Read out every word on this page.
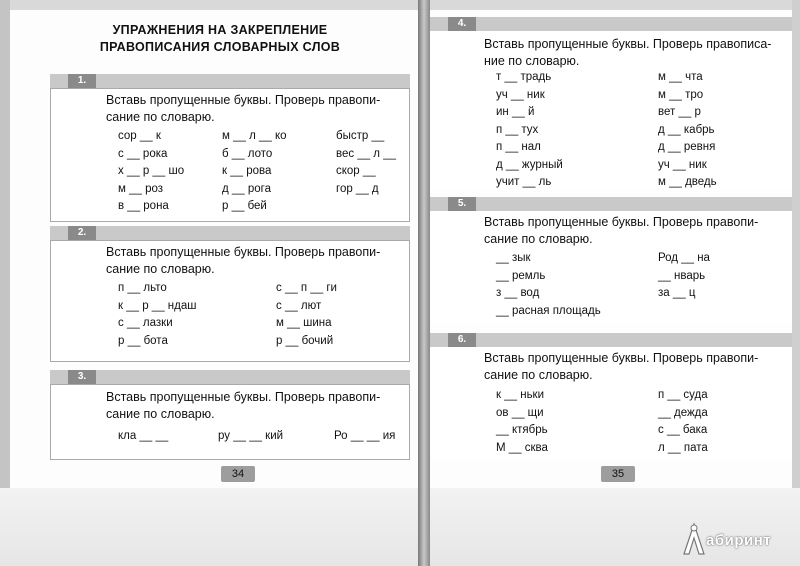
УПРАЖНЕНИЯ НА ЗАКРЕПЛЕНИЕ
ПРАВОПИСАНИЯ СЛОВАРНЫХ СЛОВ
1.
Вставь пропущенные буквы. Проверь правопи-
сание по словарю.
сор __ к
с __ рока
х __ р __ шо
м __ роз
в __ рона
м __ л __ ко
б __ лото
к __ рова
д __ рога
р __ бей
быстр __
вес __ л __
скор __
гор __ д
2.
Вставь пропущенные буквы. Проверь правопи-
сание по словарю.
п __ льто
к __ р __ ндаш
с __ лазки
р __ бота
с __ п __ ги
с __ лют
м __ шина
р __ бочий
3.
Вставь пропущенные буквы. Проверь правопи-
сание по словарю.
кла __ __	ру __ __ кий	Ро __ __ ия
34
4.
Вставь пропущенные буквы. Проверь правописа-
ние по словарю.
т __ традь
уч __ ник
ин __ й
п __ тух
п __ нал
д __ журный
учит __ ль
м __ чта
м __ тро
вет __ р
д __ кабрь
д __ ревня
уч __ ник
м __ дведь
5.
Вставь пропущенные буквы. Проверь правопи-
сание по словарю.
__ зык
__ ремль
з __ вод
__ расная площадь
Род __ на
__ нварь
за __ ц
6.
Вставь пропущенные буквы. Проверь правопи-
сание по словарю.
к __ ньки
ов __ щи
__ ктябрь
М __ сква
п __ суда
__ дежда
с __ бака
л __ пата
35
абиринт
